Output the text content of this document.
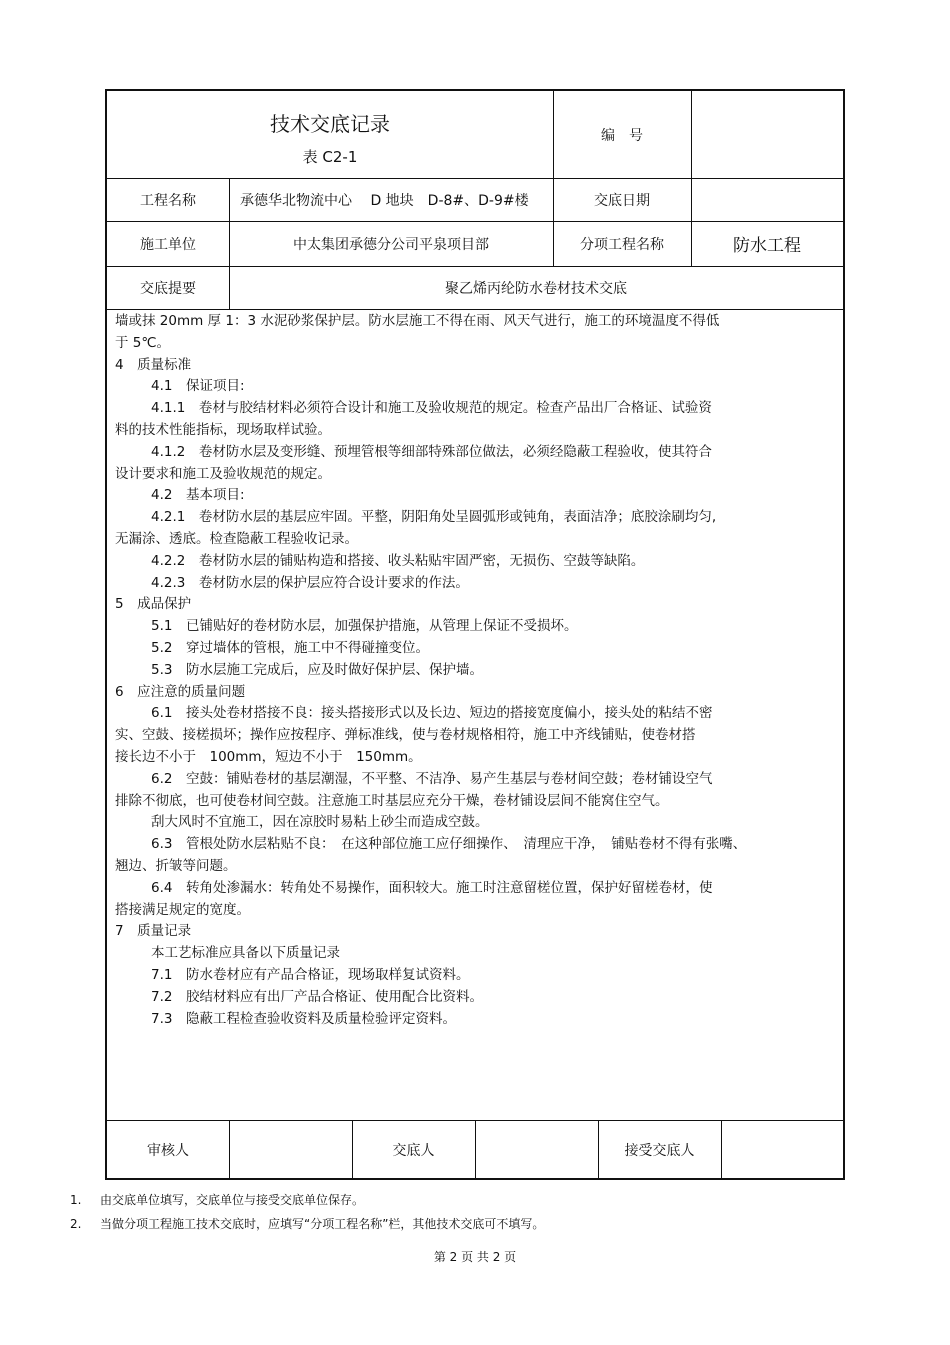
技术交底记录
表 C2-1
编　号
工程名称	承德华北物流中心　 D 地块　D-8#、D-9#楼	交底日期
施工单位	中太集团承德分公司平泉项目部	分项工程名称	防水工程
交底提要	聚乙烯丙纶防水卷材技术交底

墙或抹 20mm 厚 1：3 水泥砂浆保护层。防水层施工不得在雨、风天气进行，施工的环境温度不得低

于 5℃。

4　质量标准

4.1　保证项目:

4.1.1　卷材与胶结材料必须符合设计和施工及验收规范的规定。检查产品出厂合格证、试验资

料的技术性能指标，现场取样试验。

4.1.2　卷材防水层及变形缝、预埋管根等细部特殊部位做法，必须经隐蔽工程验收，使其符合

设计要求和施工及验收规范的规定。

4.2　基本项目:

4.2.1　卷材防水层的基层应牢固。平整，阴阳角处呈圆弧形或钝角，表面洁净；底胶涂刷均匀,

无漏涂、透底。检查隐蔽工程验收记录。

4.2.2　卷材防水层的铺贴构造和搭接、收头粘贴牢固严密，无损伤、空鼓等缺陷。

4.2.3　卷材防水层的保护层应符合设计要求的作法。

5　成品保护

5.1　已铺贴好的卷材防水层，加强保护措施，从管理上保证不受损坏。

5.2　穿过墙体的管根，施工中不得碰撞变位。

5.3　防水层施工完成后，应及时做好保护层、保护墙。

6　应注意的质量问题

6.1　接头处卷材搭接不良：接头搭接形式以及长边、短边的搭接宽度偏小，接头处的粘结不密

实、空鼓、接槎损坏；操作应按程序、弹标准线，使与卷材规格相符，施工中齐线铺贴，使卷材搭

接长边不小于　100mm，短边不小于　150mm。

6.2　空鼓：铺贴卷材的基层潮湿，不平整、不洁净、易产生基层与卷材间空鼓；卷材铺设空气

排除不彻底，也可使卷材间空鼓。注意施工时基层应充分干燥，卷材铺设层间不能窝住空气。

刮大风时不宜施工，因在凉胶时易粘上砂尘而造成空鼓。

6.3　管根处防水层粘贴不良：　在这种部位施工应仔细操作、　清理应干净，　铺贴卷材不得有张嘴、

翘边、折皱等问题。

6.4　转角处渗漏水：转角处不易操作，面积较大。施工时注意留槎位置，保护好留槎卷材，使

搭接满足规定的宽度。

7　质量记录

本工艺标准应具备以下质量记录

7.1　防水卷材应有产品合格证，现场取样复试资料。

7.2　胶结材料应有出厂产品合格证、使用配合比资料。

7.3　隐蔽工程检查验收资料及质量检验评定资料。

审核人	交底人	接受交底人

1. 由交底单位填写，交底单位与接受交底单位保存。

2. 当做分项工程施工技术交底时，应填写“分项工程名称”栏，其他技术交底可不填写。

第 2 页 共 2 页
